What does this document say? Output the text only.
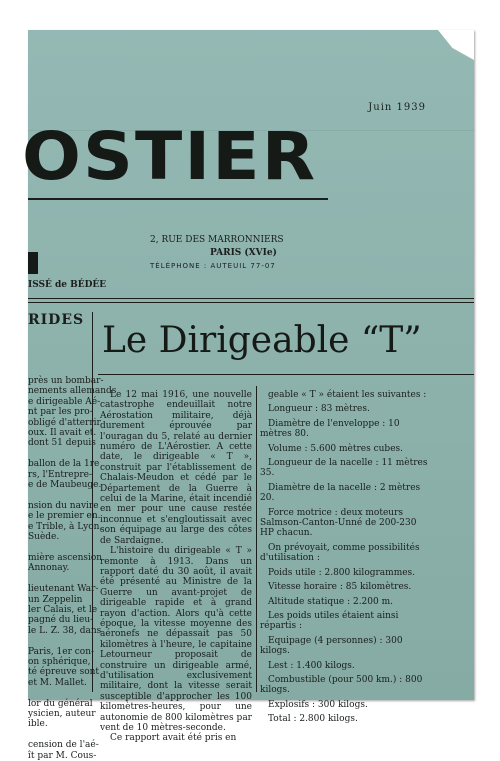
Juin 1939
OSTIER
2, RUE DES MARRONNIERS
PARIS (XVIe)
TÉLÉPHONE : AUTEUIL 77-07
ISSÉ de BÉDÉE
RIDES Le Dirigeable “T”

près un bombar-

nements allemands

e dirigeable Aé-

nt par les pro-

obligé d'atterrir

oux. Il avait et.

dont 51 depuis

ballon de la 1re

rs, l'Entrepre-

e de Maubeuge.

nsion du navire

e le premier en.

e Trible, à Lyon,

Suède.

mière ascension

Annonay.

lieutenant War-

un Zeppelin

ler Calais, et le

pagné du lieu-

le L. Z. 38, dans

Paris, 1er con-

on sphérique,

té épreuve sont

et M. Mallet.

lor du général

ysicien, auteur

ible.

cension de l'aé-

ît par M. Cous-

Le 12 mai 1916, une nouvelle catastrophe endeuillait notre Aérostation militaire, déjà durement éprouvée par l'ouragan du 5, relaté au dernier numéro de L'Aérostier. A cette date, le dirigeable « T », construit par l'établissement de Chalais-Meudon et cédé par le Département de la Guerre à celui de la Marine, était incendié en mer pour une cause restée inconnue et s'engloutissait avec son équipage au large des côtes de Sardaigne.

L'histoire du dirigeable « T » remonte à 1913. Dans un rapport daté du 30 août, il avait été présenté au Ministre de la Guerre un avant-projet de dirigeable rapide et à grand rayon d'action. Alors qu'à cette époque, la vitesse moyenne des aéronefs ne dépassait pas 50 kilomètres à l'heure, le capitaine Letourneur proposait de construire un dirigeable armé, d'utilisation exclusivement militaire, dont la vitesse serait susceptible d'approcher les 100 kilomètres-heures, pour une autonomie de 800 kilomètres par vent de 10 mètres-seconde.

Ce rapport avait été pris en

geable « T » étaient les suivantes :

Longueur : 83 mètres.

Diamètre de l'enveloppe : 10 mètres 80.

Volume : 5.600 mètres cubes.

Longueur de la nacelle : 11 mètres 35.

Diamètre de la nacelle : 2 mètres 20.

Force motrice : deux moteurs Salmson-Canton-Unné de 200-230 HP chacun.

On prévoyait, comme possibilités d'utilisation :

Poids utile : 2.800 kilogrammes.

Vitesse horaire : 85 kilomètres.

Altitude statique : 2.200 m.

Les poids utiles étaient ainsi répartis :

Equipage (4 personnes) : 300 kilogs.

Lest : 1.400 kilogs.

Combustible (pour 500 km.) : 800 kilogs.

Explosifs : 300 kilogs.

Total : 2.800 kilogs.
